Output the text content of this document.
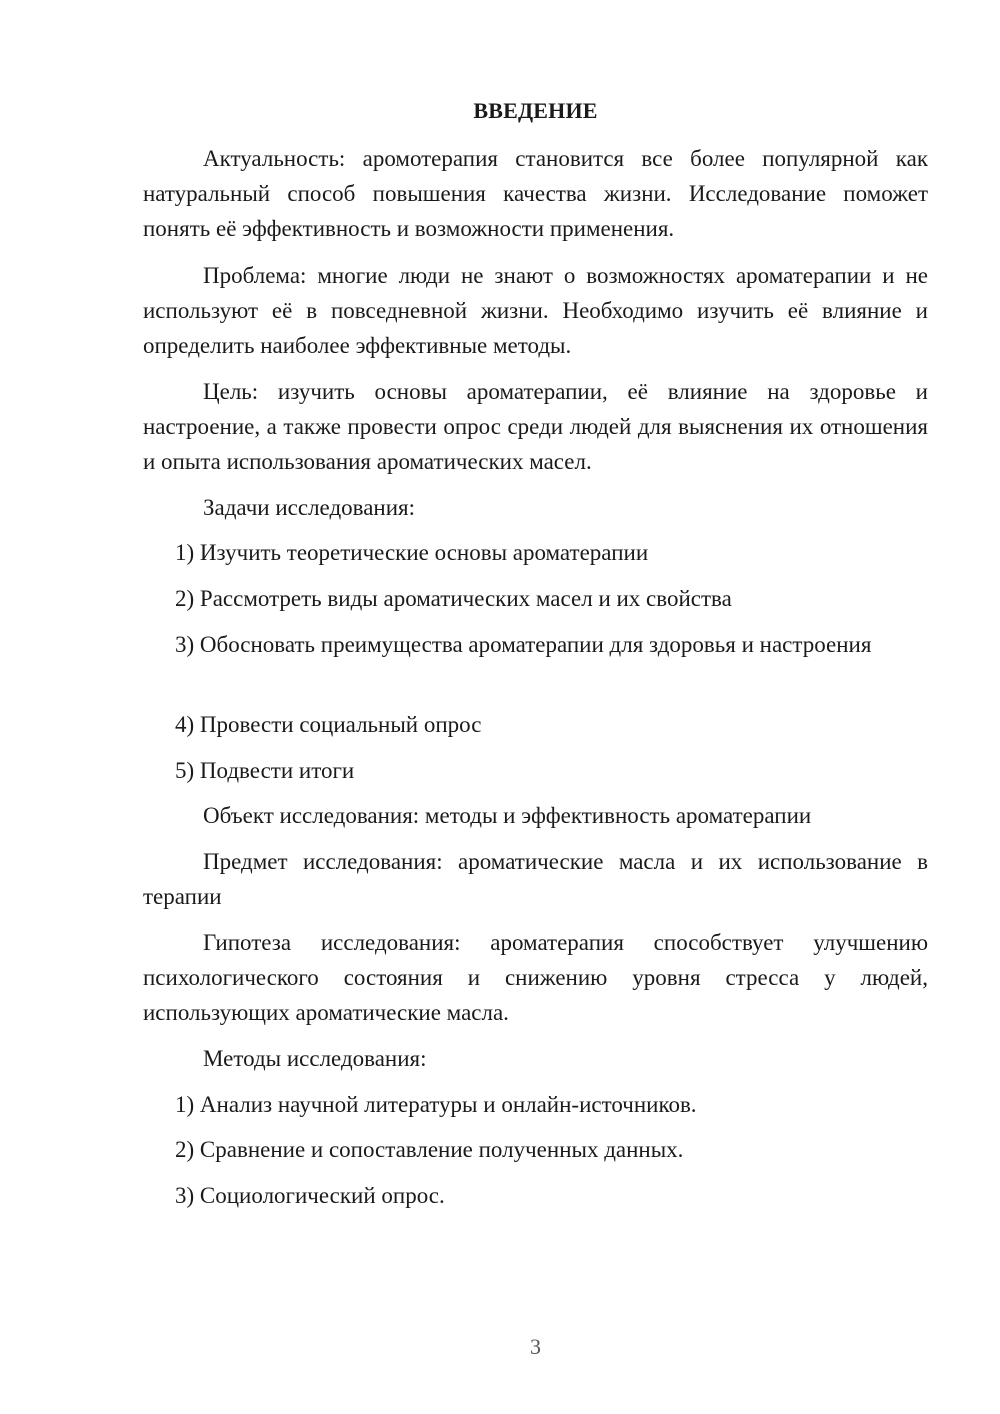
ВВЕДЕНИЕ

Актуальность: аромотерапия становится все более популярной как натуральный способ повышения качества жизни. Исследование поможет понять её эффективность и возможности применения.

Проблема: многие люди не знают о возможностях ароматерапии и не используют её в повседневной жизни. Необходимо изучить её влияние и определить наиболее эффективные методы.

Цель: изучить основы ароматерапии, её влияние на здоровье и настроение, а также провести опрос среди людей для выяснения их отношения и опыта использования ароматических масел.

Задачи исследования:

1) Изучить теоретические основы ароматерапии

2) Рассмотреть виды ароматических масел и их свойства

3) Обосновать преимущества ароматерапии для здоровья и настроения

4) Провести социальный опрос

5) Подвести итоги

Объект исследования: методы и эффективность ароматерапии

Предмет исследования: ароматические масла и их использование в терапии

Гипотеза исследования: ароматерапия способствует улучшению психологического состояния и снижению уровня стресса у людей, использующих ароматические масла.

Методы исследования:

1) Анализ научной литературы и онлайн-источников.

2) Сравнение и сопоставление полученных данных.

3) Социологический опрос.

3
